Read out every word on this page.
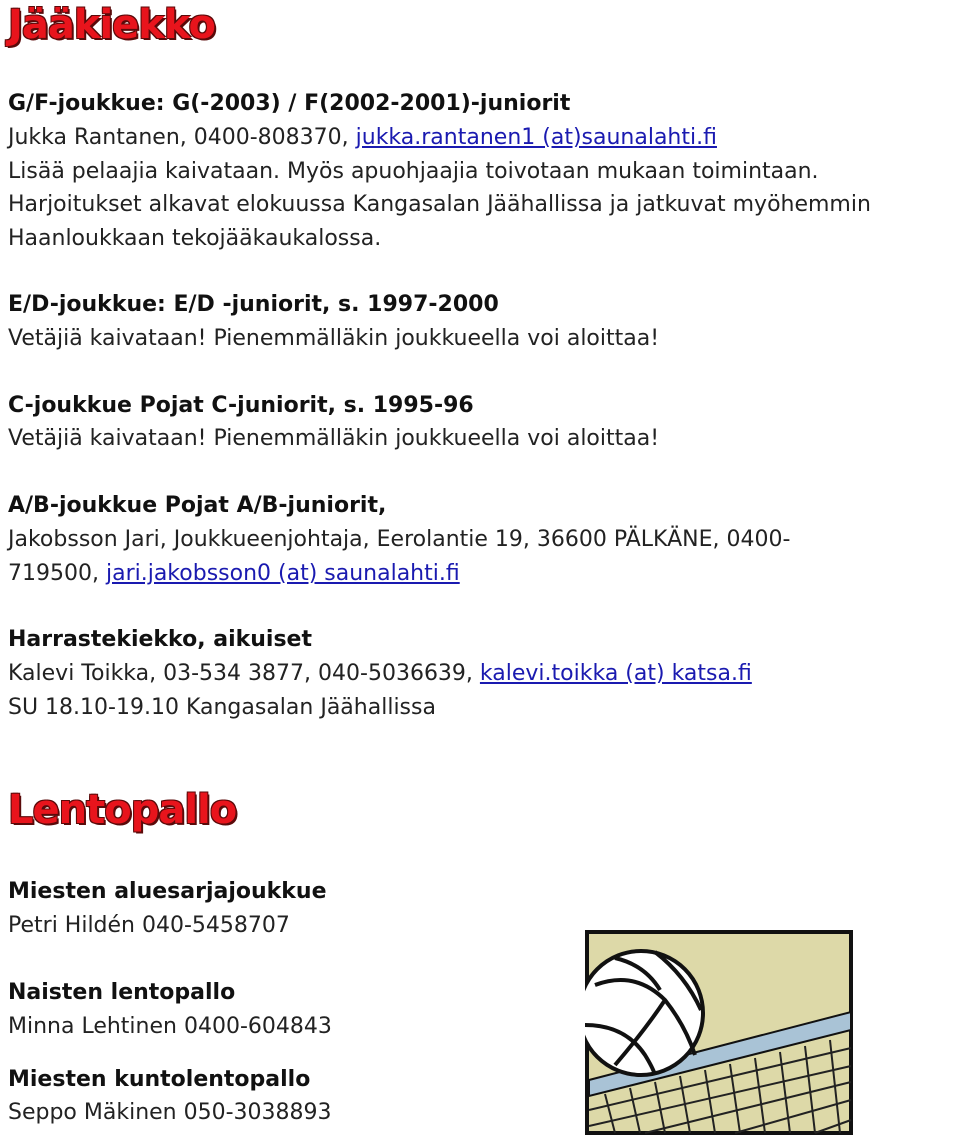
Jääkiekko
G/F-joukkue: G(-2003) / F(2002-2001)-juniorit
Jukka Rantanen, 0400-808370, jukka.rantanen1 (at)saunalahti.fi
Lisää pelaajia kaivataan. Myös apuohjaajia toivotaan mukaan toimintaan.
Harjoitukset alkavat elokuussa Kangasalan Jäähallissa ja jatkuvat myöhemmin
Haanloukkaan tekojääkaukalossa.
E/D-joukkue: E/D -juniorit, s. 1997-2000
Vetäjiä kaivataan! Pienemmälläkin joukkueella voi aloittaa!
C-joukkue Pojat C-juniorit, s. 1995-96
Vetäjiä kaivataan! Pienemmälläkin joukkueella voi aloittaa!
A/B-joukkue Pojat A/B-juniorit,
Jakobsson Jari, Joukkueenjohtaja, Eerolantie 19, 36600 PÄLKÄNE, 0400-
719500, jari.jakobsson0 (at) saunalahti.fi
Harrastekiekko, aikuiset
Kalevi Toikka, 03-534 3877, 040-5036639, kalevi.toikka (at) katsa.fi
SU 18.10-19.10 Kangasalan Jäähallissa
Lentopallo
Miesten aluesarjajoukkue
Petri Hildén 040-5458707
Naisten lentopallo
Minna Lehtinen 0400-604843
Miesten kuntolentopallo
Seppo Mäkinen 050-3038893
